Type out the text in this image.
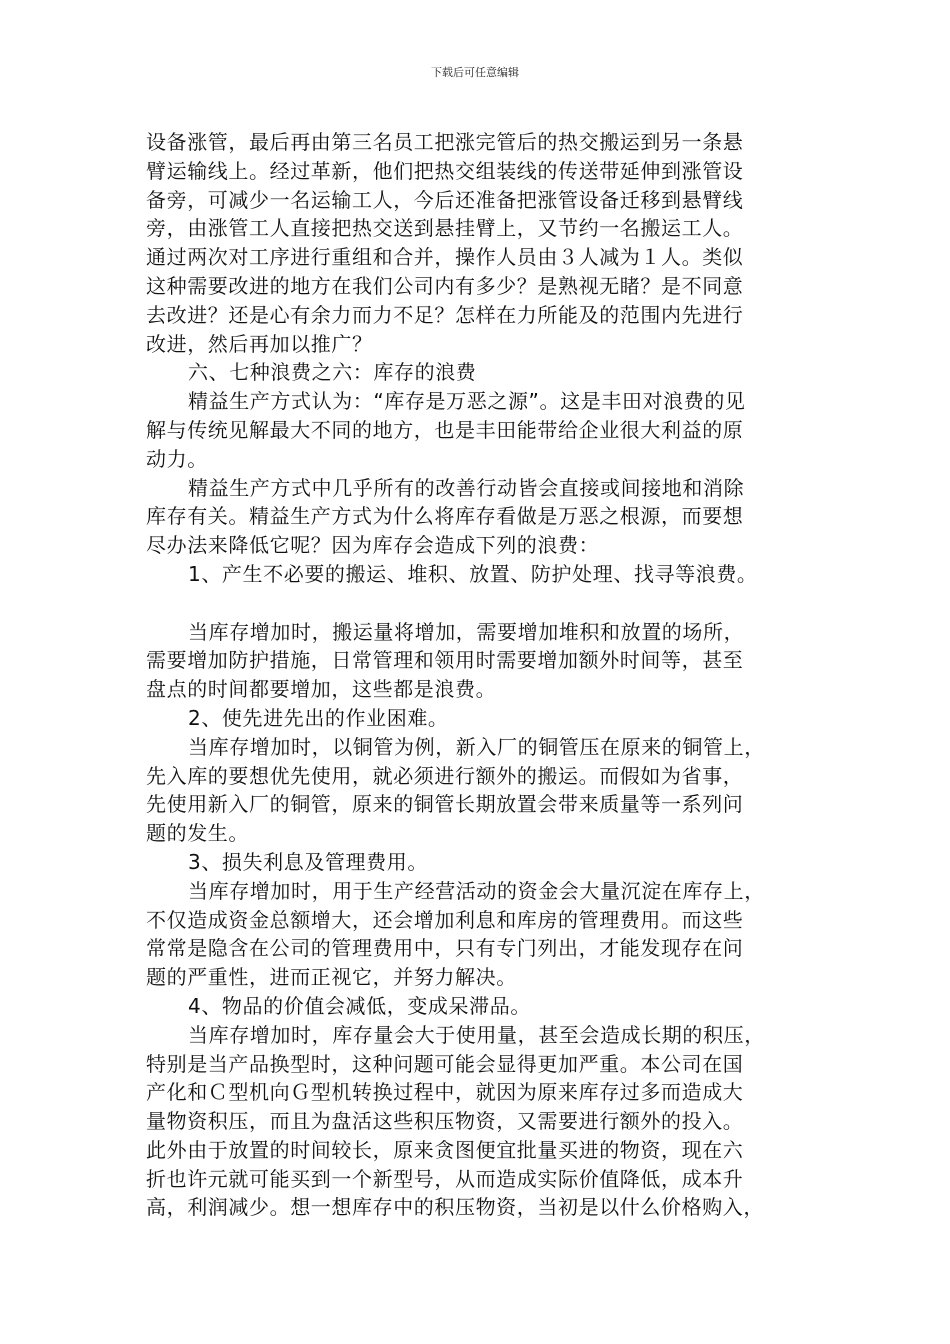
下载后可任意编辑
设备涨管，最后再由第三名员工把涨完管后的热交搬运到另一条悬
臂运输线上。经过革新，他们把热交组装线的传送带延伸到涨管设
备旁，可减少一名运输工人，今后还准备把涨管设备迁移到悬臂线
旁，由涨管工人直接把热交送到悬挂臂上，又节约一名搬运工人。
通过两次对工序进行重组和合并，操作人员由３人减为１人。类似
这种需要改进的地方在我们公司内有多少？是熟视无睹？是不同意
去改进？还是心有余力而力不足？怎样在力所能及的范围内先进行
改进，然后再加以推广？
六、七种浪费之六：库存的浪费
精益生产方式认为：“库存是万恶之源”。这是丰田对浪费的见
解与传统见解最大不同的地方，也是丰田能带给企业很大利益的原
动力。
精益生产方式中几乎所有的改善行动皆会直接或间接地和消除
库存有关。精益生产方式为什么将库存看做是万恶之根源，而要想
尽办法来降低它呢？因为库存会造成下列的浪费：
1、产生不必要的搬运、堆积、放置、防护处理、找寻等浪费。
当库存增加时，搬运量将增加，需要增加堆积和放置的场所，
需要增加防护措施，日常管理和领用时需要增加额外时间等，甚至
盘点的时间都要增加，这些都是浪费。
2、使先进先出的作业困难。
当库存增加时，以铜管为例，新入厂的铜管压在原来的铜管上，
先入库的要想优先使用，就必须进行额外的搬运。而假如为省事，
先使用新入厂的铜管，原来的铜管长期放置会带来质量等一系列问
题的发生。
3、损失利息及管理费用。
当库存增加时，用于生产经营活动的资金会大量沉淀在库存上，
不仅造成资金总额增大，还会增加利息和库房的管理费用。而这些
常常是隐含在公司的管理费用中，只有专门列出，才能发现存在问
题的严重性，进而正视它，并努力解决。
4、物品的价值会减低，变成呆滞品。
当库存增加时，库存量会大于使用量，甚至会造成长期的积压，
特别是当产品换型时，这种问题可能会显得更加严重。本公司在国
产化和Ｃ型机向Ｇ型机转换过程中，就因为原来库存过多而造成大
量物资积压，而且为盘活这些积压物资，又需要进行额外的投入。
此外由于放置的时间较长，原来贪图便宜批量买进的物资，现在六
折也许元就可能买到一个新型号，从而造成实际价值降低，成本升
高，利润减少。想一想库存中的积压物资，当初是以什么价格购入，
